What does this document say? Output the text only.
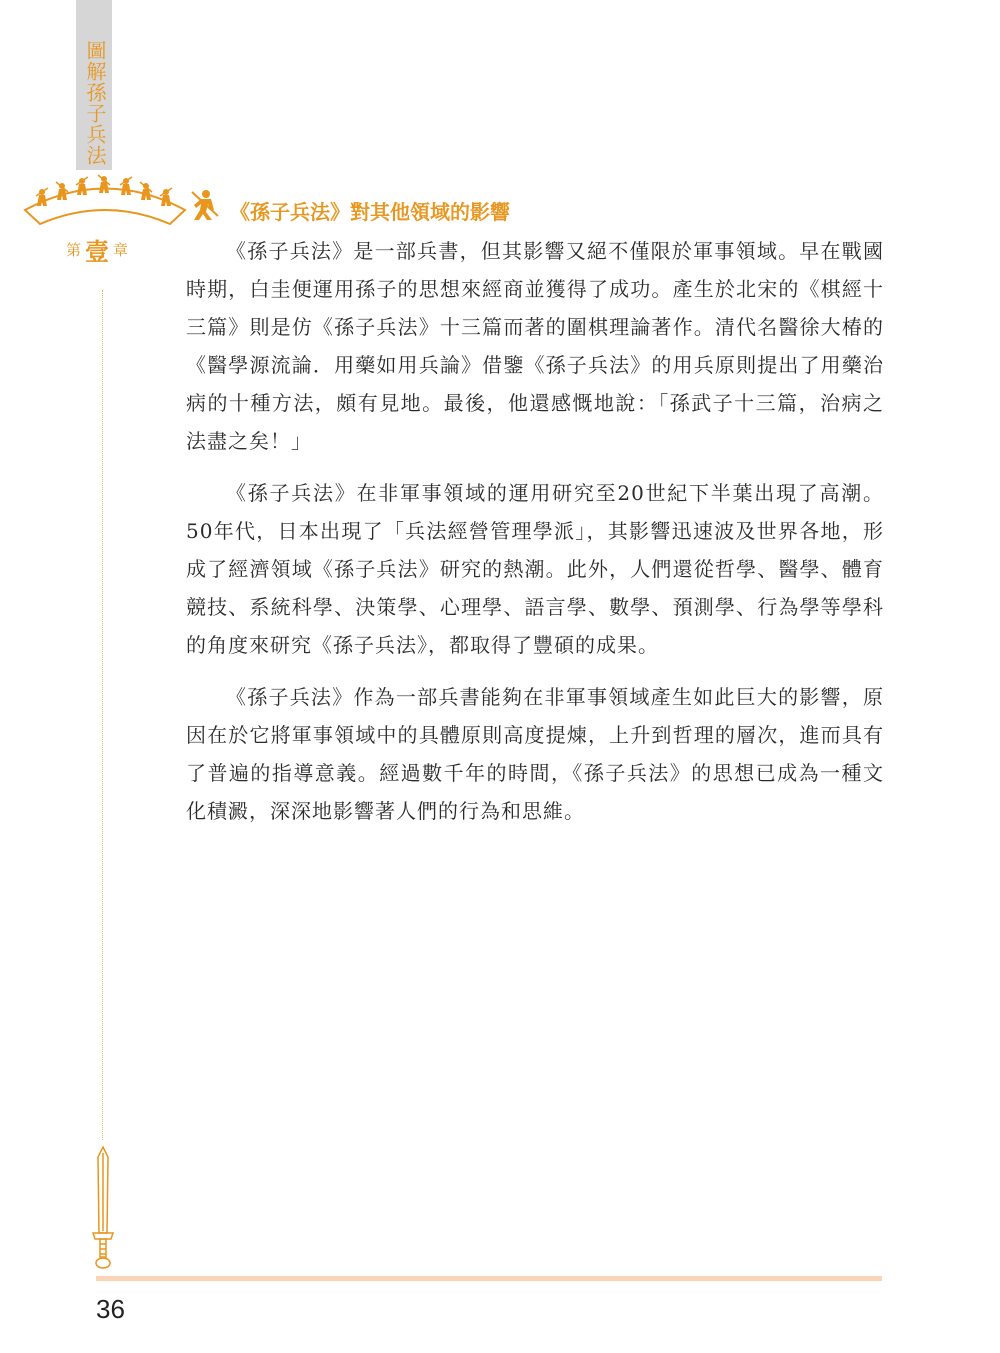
圖解孫子兵法
第 壹 章
36
《孫子兵法》對其他領域的影響

《孫子兵法》是一部兵書，但其影響又絕不僅限於軍事領域。早在戰國時期，白圭便運用孫子的思想來經商並獲得了成功。產生於北宋的《棋經十三篇》則是仿《孫子兵法》十三篇而著的圍棋理論著作。清代名醫徐大椿的《醫學源流論．用藥如用兵論》借鑒《孫子兵法》的用兵原則提出了用藥治病的十種方法，頗有見地。最後，他還感慨地說：「孫武子十三篇，治病之法盡之矣！」

《孫子兵法》在非軍事領域的運用研究至20世紀下半葉出現了高潮。50年代，日本出現了「兵法經營管理學派」，其影響迅速波及世界各地，形成了經濟領域《孫子兵法》研究的熱潮。此外，人們還從哲學、醫學、體育競技、系統科學、決策學、心理學、語言學、數學、預測學、行為學等學科的角度來研究《孫子兵法》，都取得了豐碩的成果。

《孫子兵法》作為一部兵書能夠在非軍事領域產生如此巨大的影響，原因在於它將軍事領域中的具體原則高度提煉，上升到哲理的層次，進而具有了普遍的指導意義。經過數千年的時間，《孫子兵法》的思想已成為一種文化積澱，深深地影響著人們的行為和思維。
